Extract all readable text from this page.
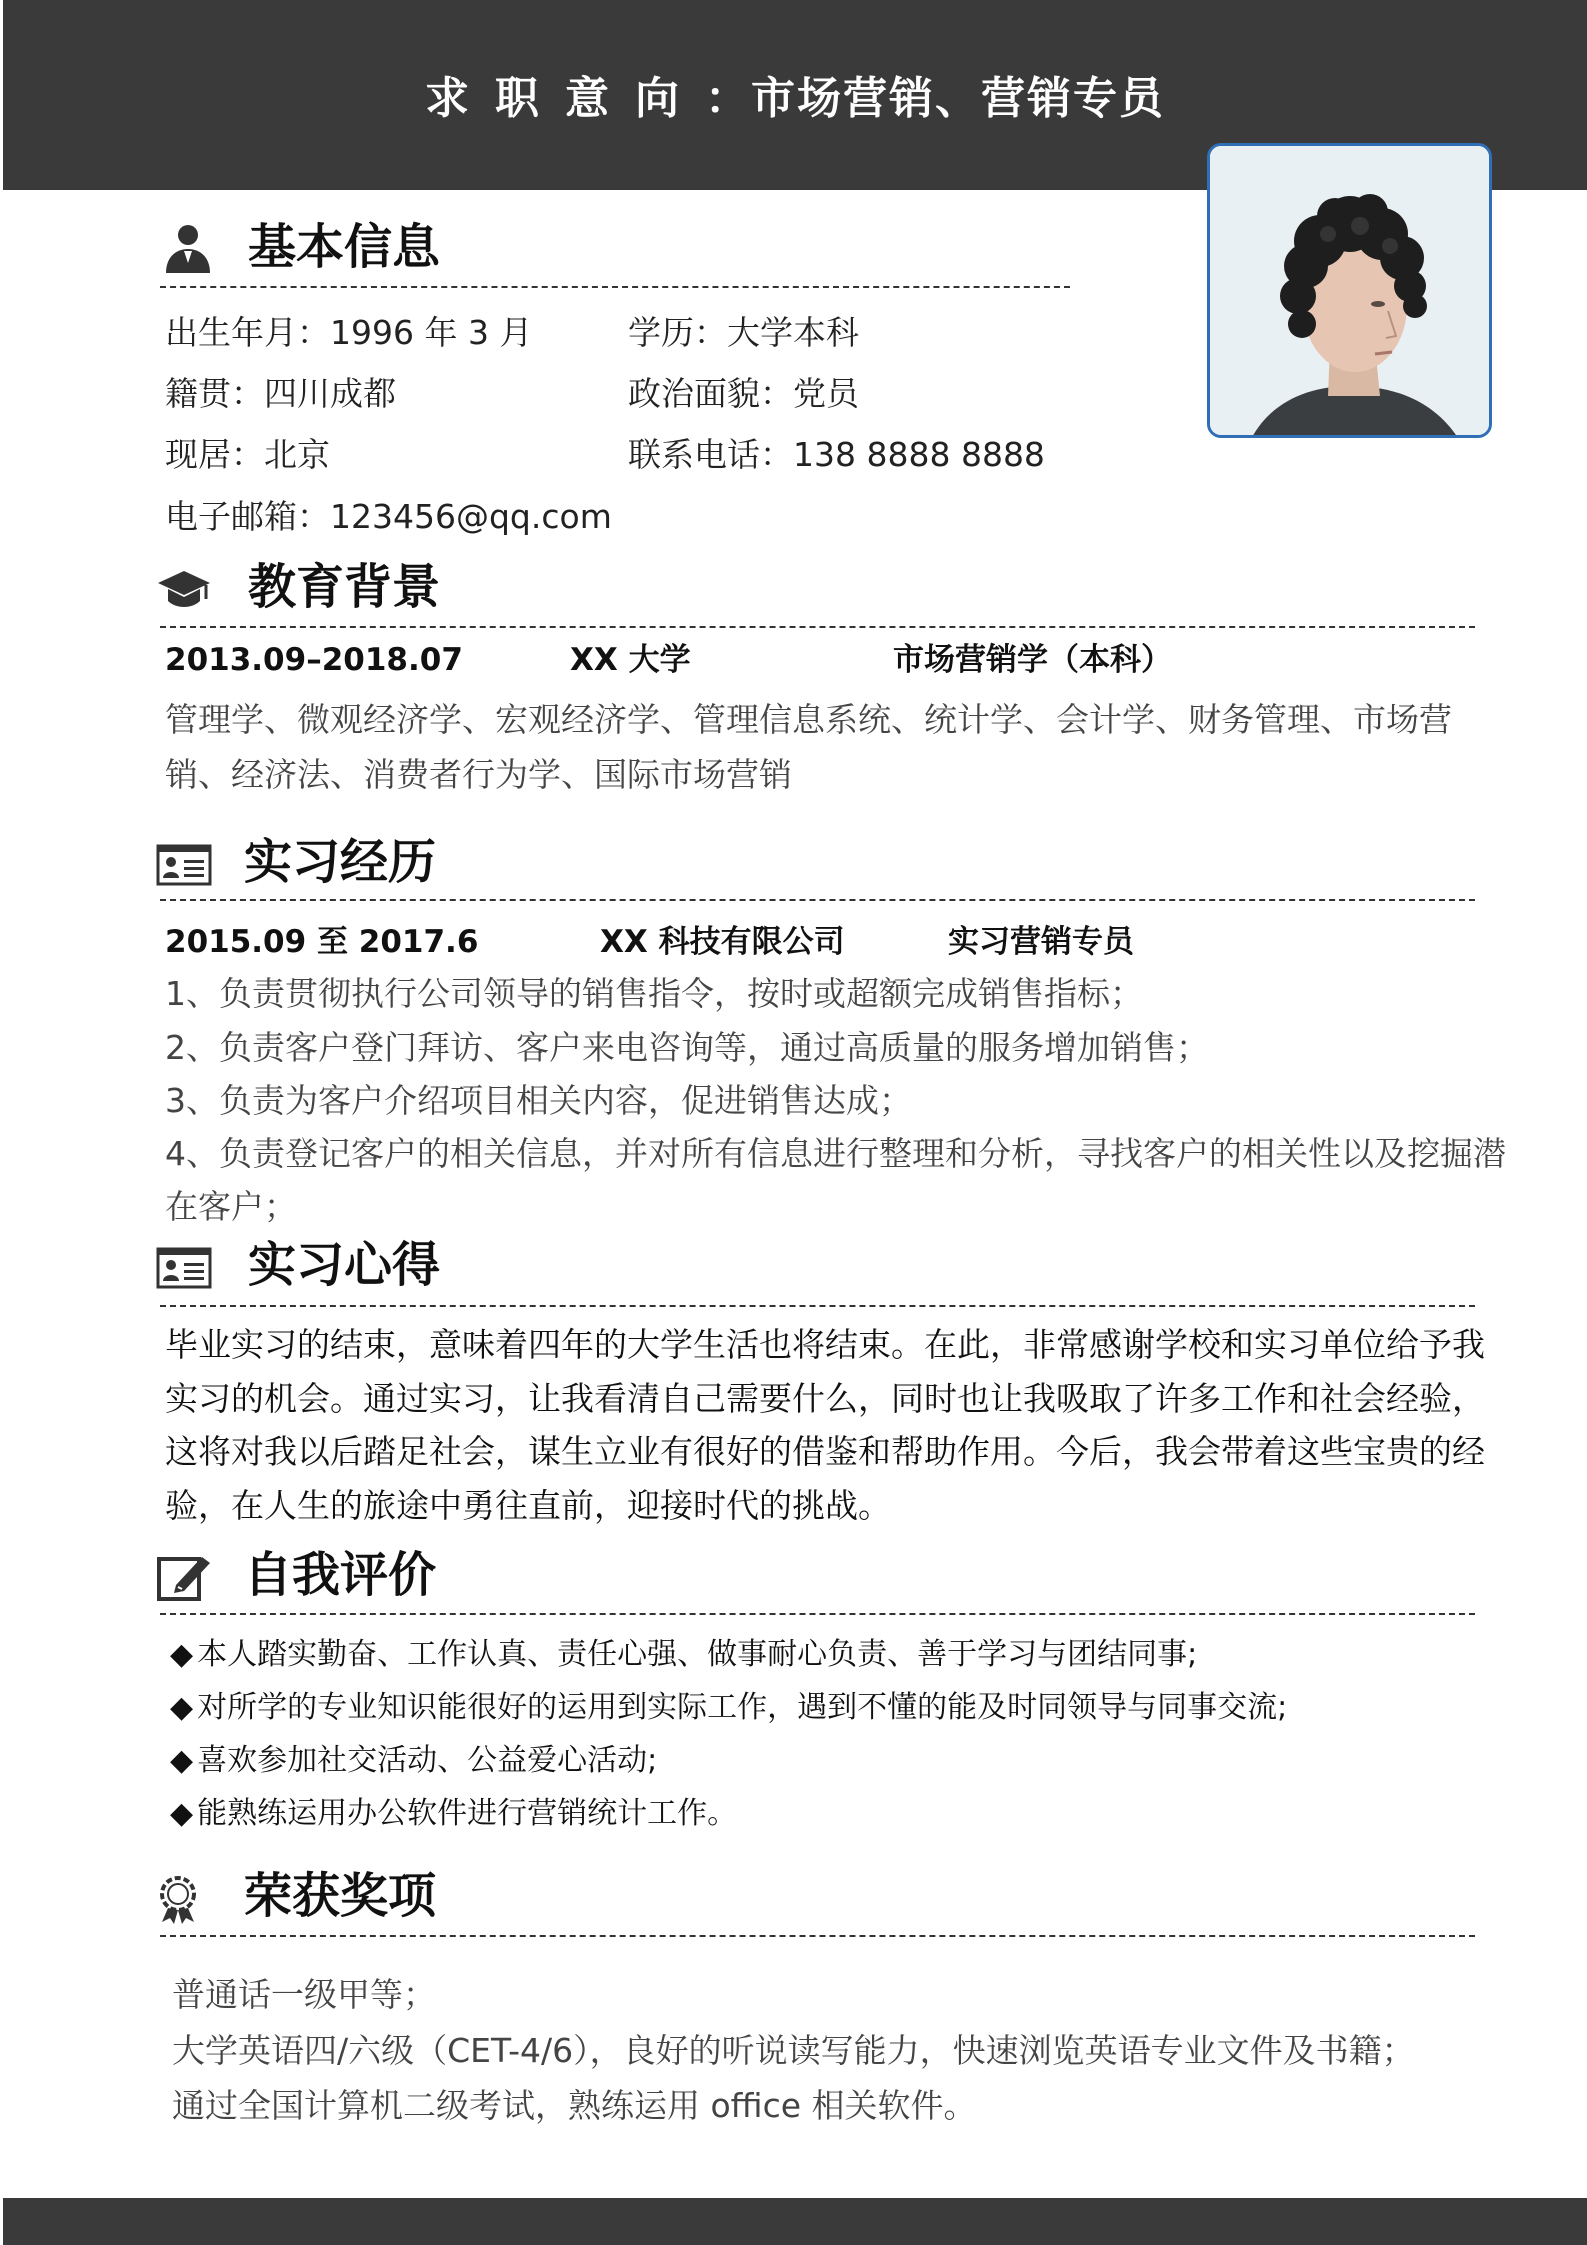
求职意向：市场营销、营销专员
基本信息
出生年月：1996 年 3 月	学历：大学本科
籍贯：四川成都	政治面貌：党员
现居：北京	联系电话：138 8888 8888
电子邮箱：123456@qq.com
教育背景
2013.09–2018.07	XX 大学	市场营销学（本科）
管理学、微观经济学、宏观经济学、管理信息系统、统计学、会计学、财务管理、市场营
销、经济法、消费者行为学、国际市场营销
实习经历
2015.09 至 2017.6	XX 科技有限公司	实习营销专员
1、负责贯彻执行公司领导的销售指令，按时或超额完成销售指标；
2、负责客户登门拜访、客户来电咨询等，通过高质量的服务增加销售；
3、负责为客户介绍项目相关内容，促进销售达成；
4、负责登记客户的相关信息，并对所有信息进行整理和分析，寻找客户的相关性以及挖掘潜
在客户；
实习心得
毕业实习的结束，意味着四年的大学生活也将结束。在此，非常感谢学校和实习单位给予我
实习的机会。通过实习，让我看清自己需要什么，同时也让我吸取了许多工作和社会经验，
这将对我以后踏足社会，谋生立业有很好的借鉴和帮助作用。今后，我会带着这些宝贵的经
验，在人生的旅途中勇往直前，迎接时代的挑战。
自我评价
◆ 本人踏实勤奋、工作认真、责任心强、做事耐心负责、善于学习与团结同事;
◆ 对所学的专业知识能很好的运用到实际工作，遇到不懂的能及时同领导与同事交流;
◆ 喜欢参加社交活动、公益爱心活动;
◆ 能熟练运用办公软件进行营销统计工作。
荣获奖项
普通话一级甲等；
大学英语四/六级（CET-4/6），良好的听说读写能力，快速浏览英语专业文件及书籍；
通过全国计算机二级考试，熟练运用 office 相关软件。
